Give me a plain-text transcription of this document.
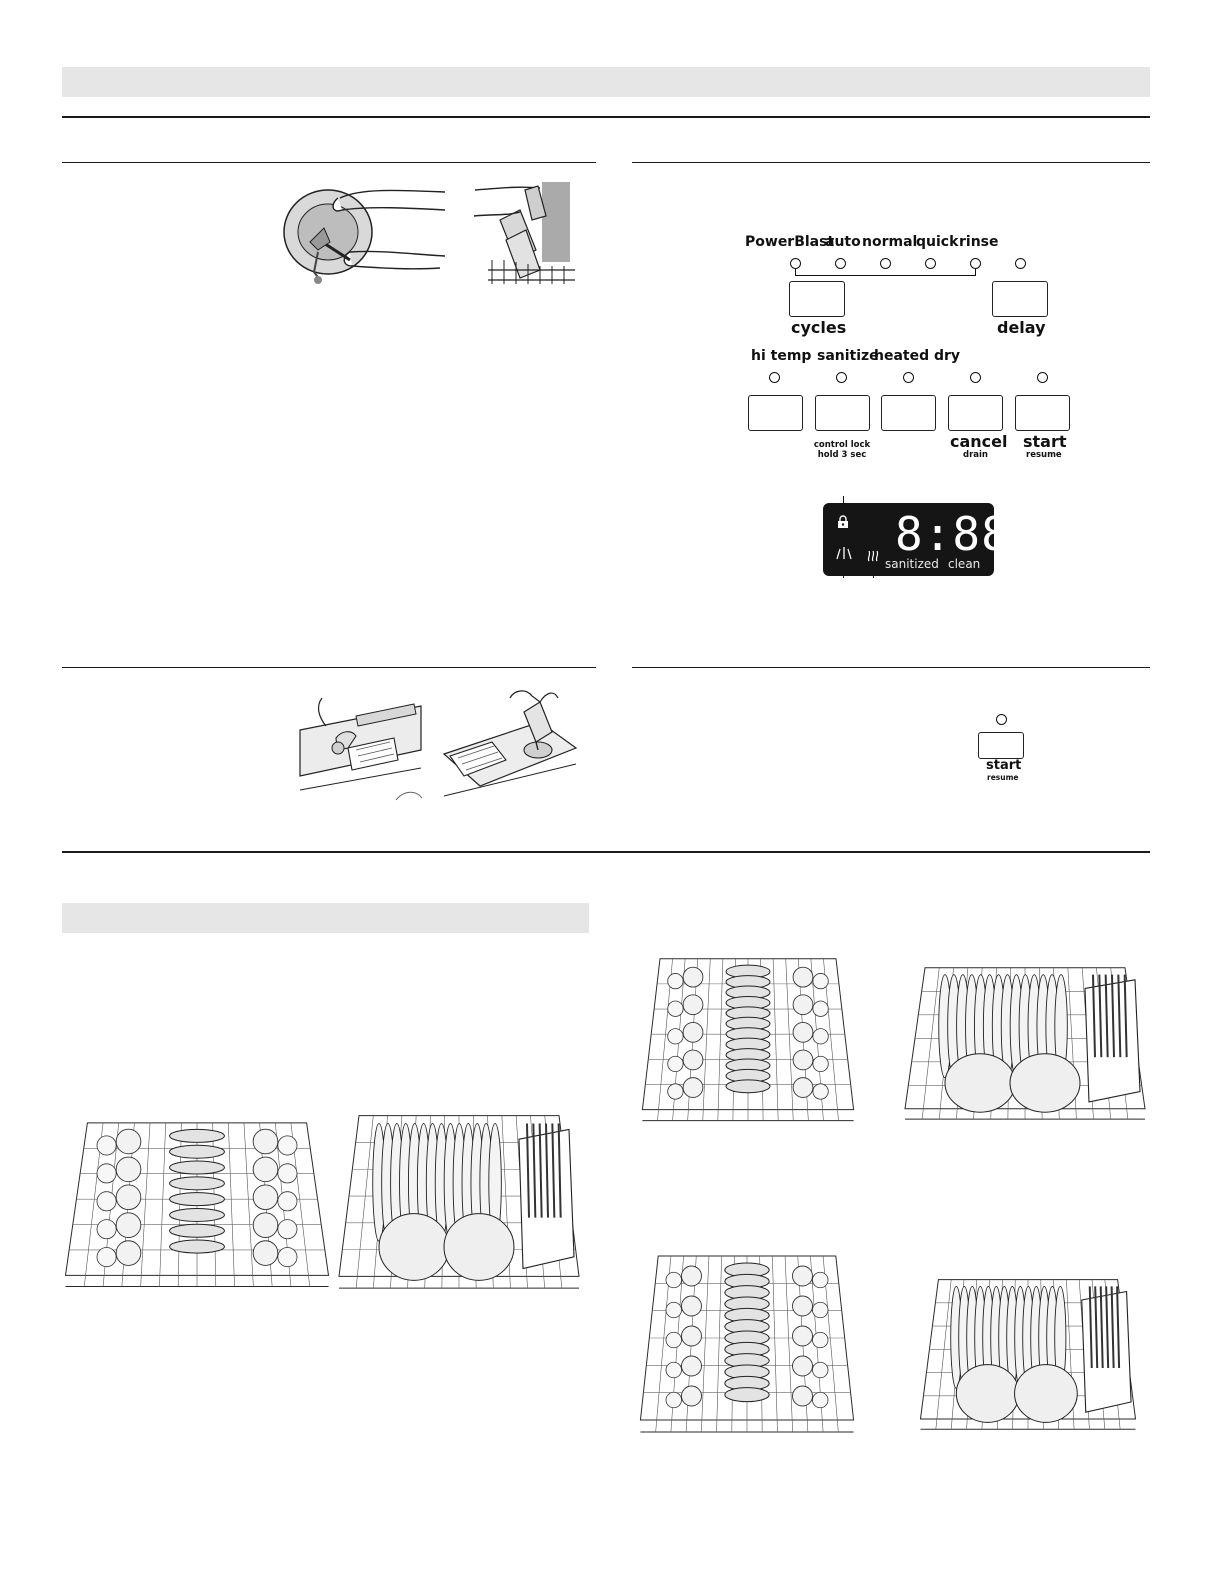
PowerBlast
auto normal
quick rinse
cycles	delay
hi temp sanitize
heated dry
control lock
hold 3 sec
cancel
drain
start
resume
8:88
sanitized clean
start
resume
